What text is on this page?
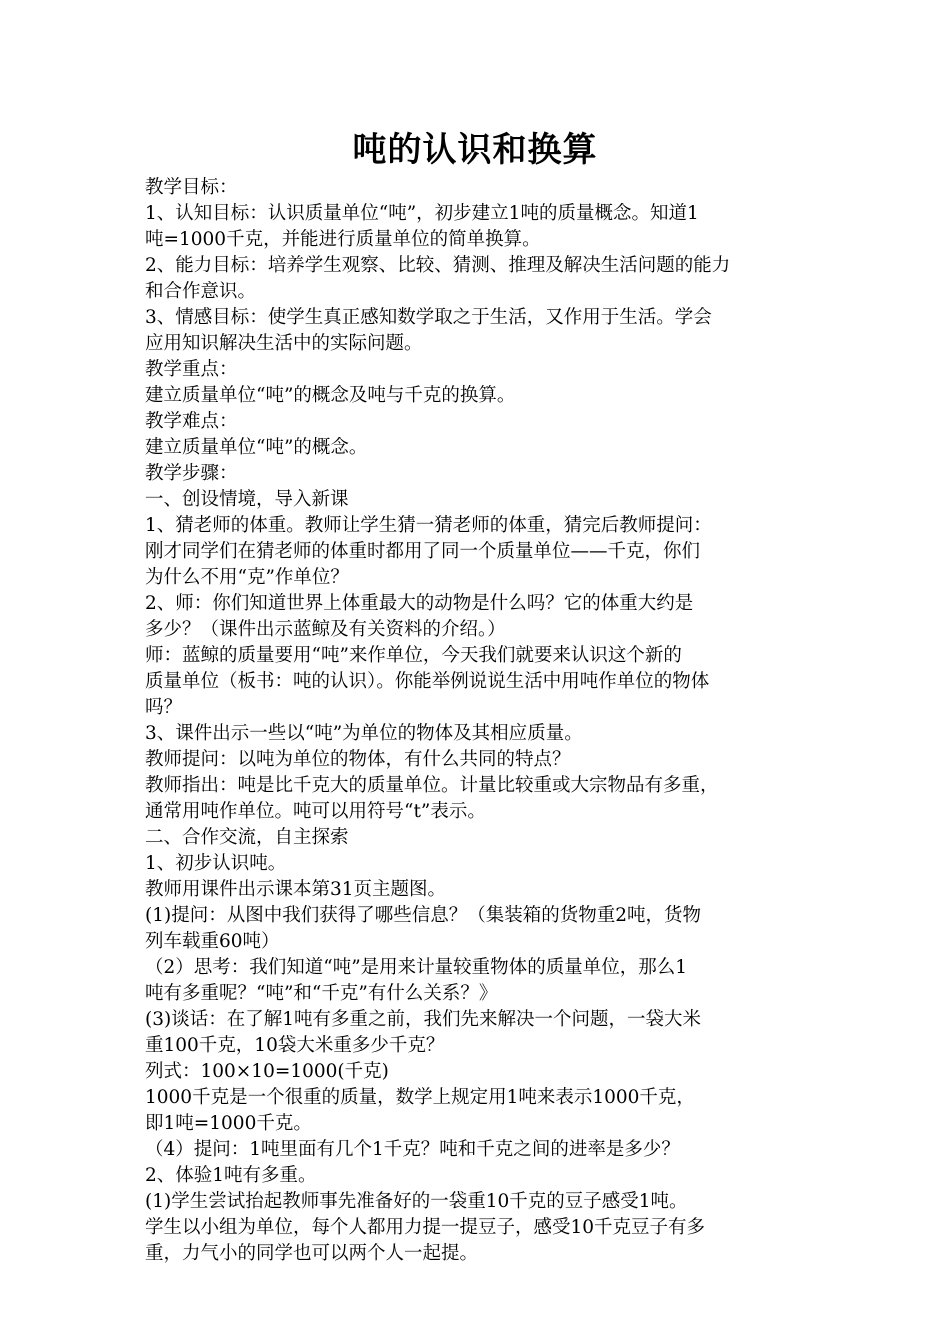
吨的认识和换算
教学目标：
1、认知目标：认识质量单位“吨”，初步建立1吨的质量概念。知道1
吨=1000千克，并能进行质量单位的简单换算。
2、能力目标：培养学生观察、比较、猜测、推理及解决生活问题的能力
和合作意识。
3、情感目标：使学生真正感知数学取之于生活，又作用于生活。学会
应用知识解决生活中的实际问题。
教学重点：
建立质量单位“吨”的概念及吨与千克的换算。
教学难点：
建立质量单位“吨”的概念。
教学步骤：
一、创设情境，导入新课
1、猜老师的体重。教师让学生猜一猜老师的体重，猜完后教师提问：
刚才同学们在猜老师的体重时都用了同一个质量单位——千克，你们
为什么不用“克”作单位？
2、师：你们知道世界上体重最大的动物是什么吗？它的体重大约是
多少？（课件出示蓝鲸及有关资料的介绍。）
师：蓝鲸的质量要用“吨”来作单位，今天我们就要来认识这个新的
质量单位（板书：吨的认识）。你能举例说说生活中用吨作单位的物体
吗？
3、课件出示一些以“吨”为单位的物体及其相应质量。
教师提问：以吨为单位的物体，有什么共同的特点？
教师指出：吨是比千克大的质量单位。计量比较重或大宗物品有多重，
通常用吨作单位。吨可以用符号“t”表示。
二、合作交流，自主探索
1、初步认识吨。
教师用课件出示课本第31页主题图。
(1)提问：从图中我们获得了哪些信息？（集装箱的货物重2吨，货物
列车载重60吨）
（2）思考：我们知道“吨”是用来计量较重物体的质量单位，那么1
吨有多重呢？“吨”和“千克”有什么关系？》
(3)谈话：在了解1吨有多重之前，我们先来解决一个问题，一袋大米
重100千克，10袋大米重多少千克？
列式：100×10=1000(千克)
1000千克是一个很重的质量，数学上规定用1吨来表示1000千克，
即1吨=1000千克。
（4）提问：1吨里面有几个1千克？吨和千克之间的进率是多少？
2、体验1吨有多重。
(1)学生尝试抬起教师事先准备好的一袋重10千克的豆子感受1吨。
学生以小组为单位，每个人都用力提一提豆子，感受10千克豆子有多
重，力气小的同学也可以两个人一起提。
